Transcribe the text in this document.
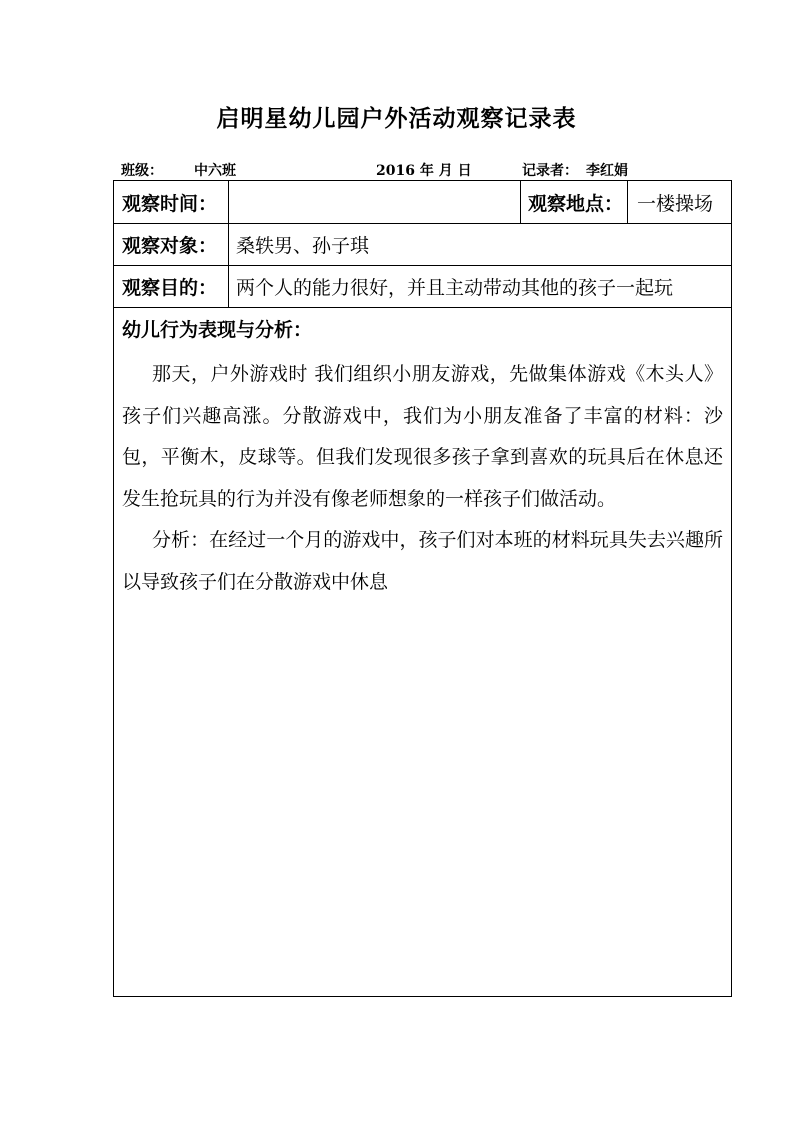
启明星幼儿园户外活动观察记录表
班级： 中六班	2016 年 月 日	记录者： 李红娟
观察时间：	观察地点： 一楼操场
观察对象： 桑轶男、孙子琪
观察目的： 两个人的能力很好，并且主动带动其他的孩子一起玩
幼儿行为表现与分析：
那天，户外游戏时 我们组织小朋友游戏，先做集体游戏《木头人》孩子们兴趣高涨。分散游戏中，我们为小朋友准备了丰富的材料：沙包，平衡木，皮球等。但我们发现很多孩子拿到喜欢的玩具后在休息还发生抢玩具的行为并没有像老师想象的一样孩子们做活动。
分析：在经过一个月的游戏中，孩子们对本班的材料玩具失去兴趣所以导致孩子们在分散游戏中休息
